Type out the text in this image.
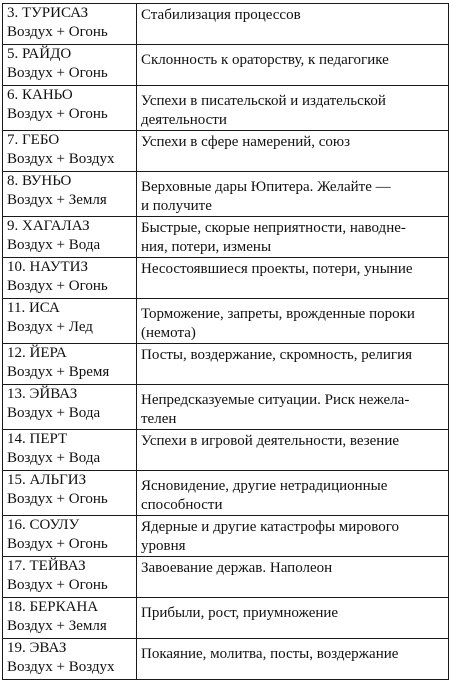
3. ТУРИСАЗ
Воздух + Огонь	Стабилизация процессов

5. РАЙДО
Воздух + Огонь	Склонность к ораторству, к педагогике

6. КАНЬО
Воздух + Огонь	Успехи в писательской и издательской
деятельности

7. ГЕБО
Воздух + Воздух	Успехи в сфере намерений, союз

8. ВУНЬО
Воздух + Земля	Верховные дары Юпитера. Желайте —
и получите

9. ХАГАЛАЗ
Воздух + Вода	Быстрые, скорые неприятности, наводне-
ния, потери, измены

10. НАУТИЗ
Воздух + Огонь	Несостоявшиеся проекты, потери, уныние

11. ИСА
Воздух + Лед	Торможение, запреты, врожденные пороки
(немота)

12. ЙЕРА
Воздух + Время	Посты, воздержание, скромность, религия

13. ЭЙВАЗ
Воздух + Вода	Непредсказуемые ситуации. Риск нежела-
телен

14. ПЕРТ
Воздух + Вода	Успехи в игровой деятельности, везение

15. АЛЬГИЗ
Воздух + Огонь	Ясновидение, другие нетрадиционные
способности

16. СОУЛУ
Воздух + Огонь	Ядерные и другие катастрофы мирового
уровня

17. ТЕЙВАЗ
Воздух + Огонь	Завоевание держав. Наполеон

18. БЕРКАНА
Воздух + Земля	Прибыли, рост, приумножение

19. ЭВАЗ
Воздух + Воздух	Покаяние, молитва, посты, воздержание
